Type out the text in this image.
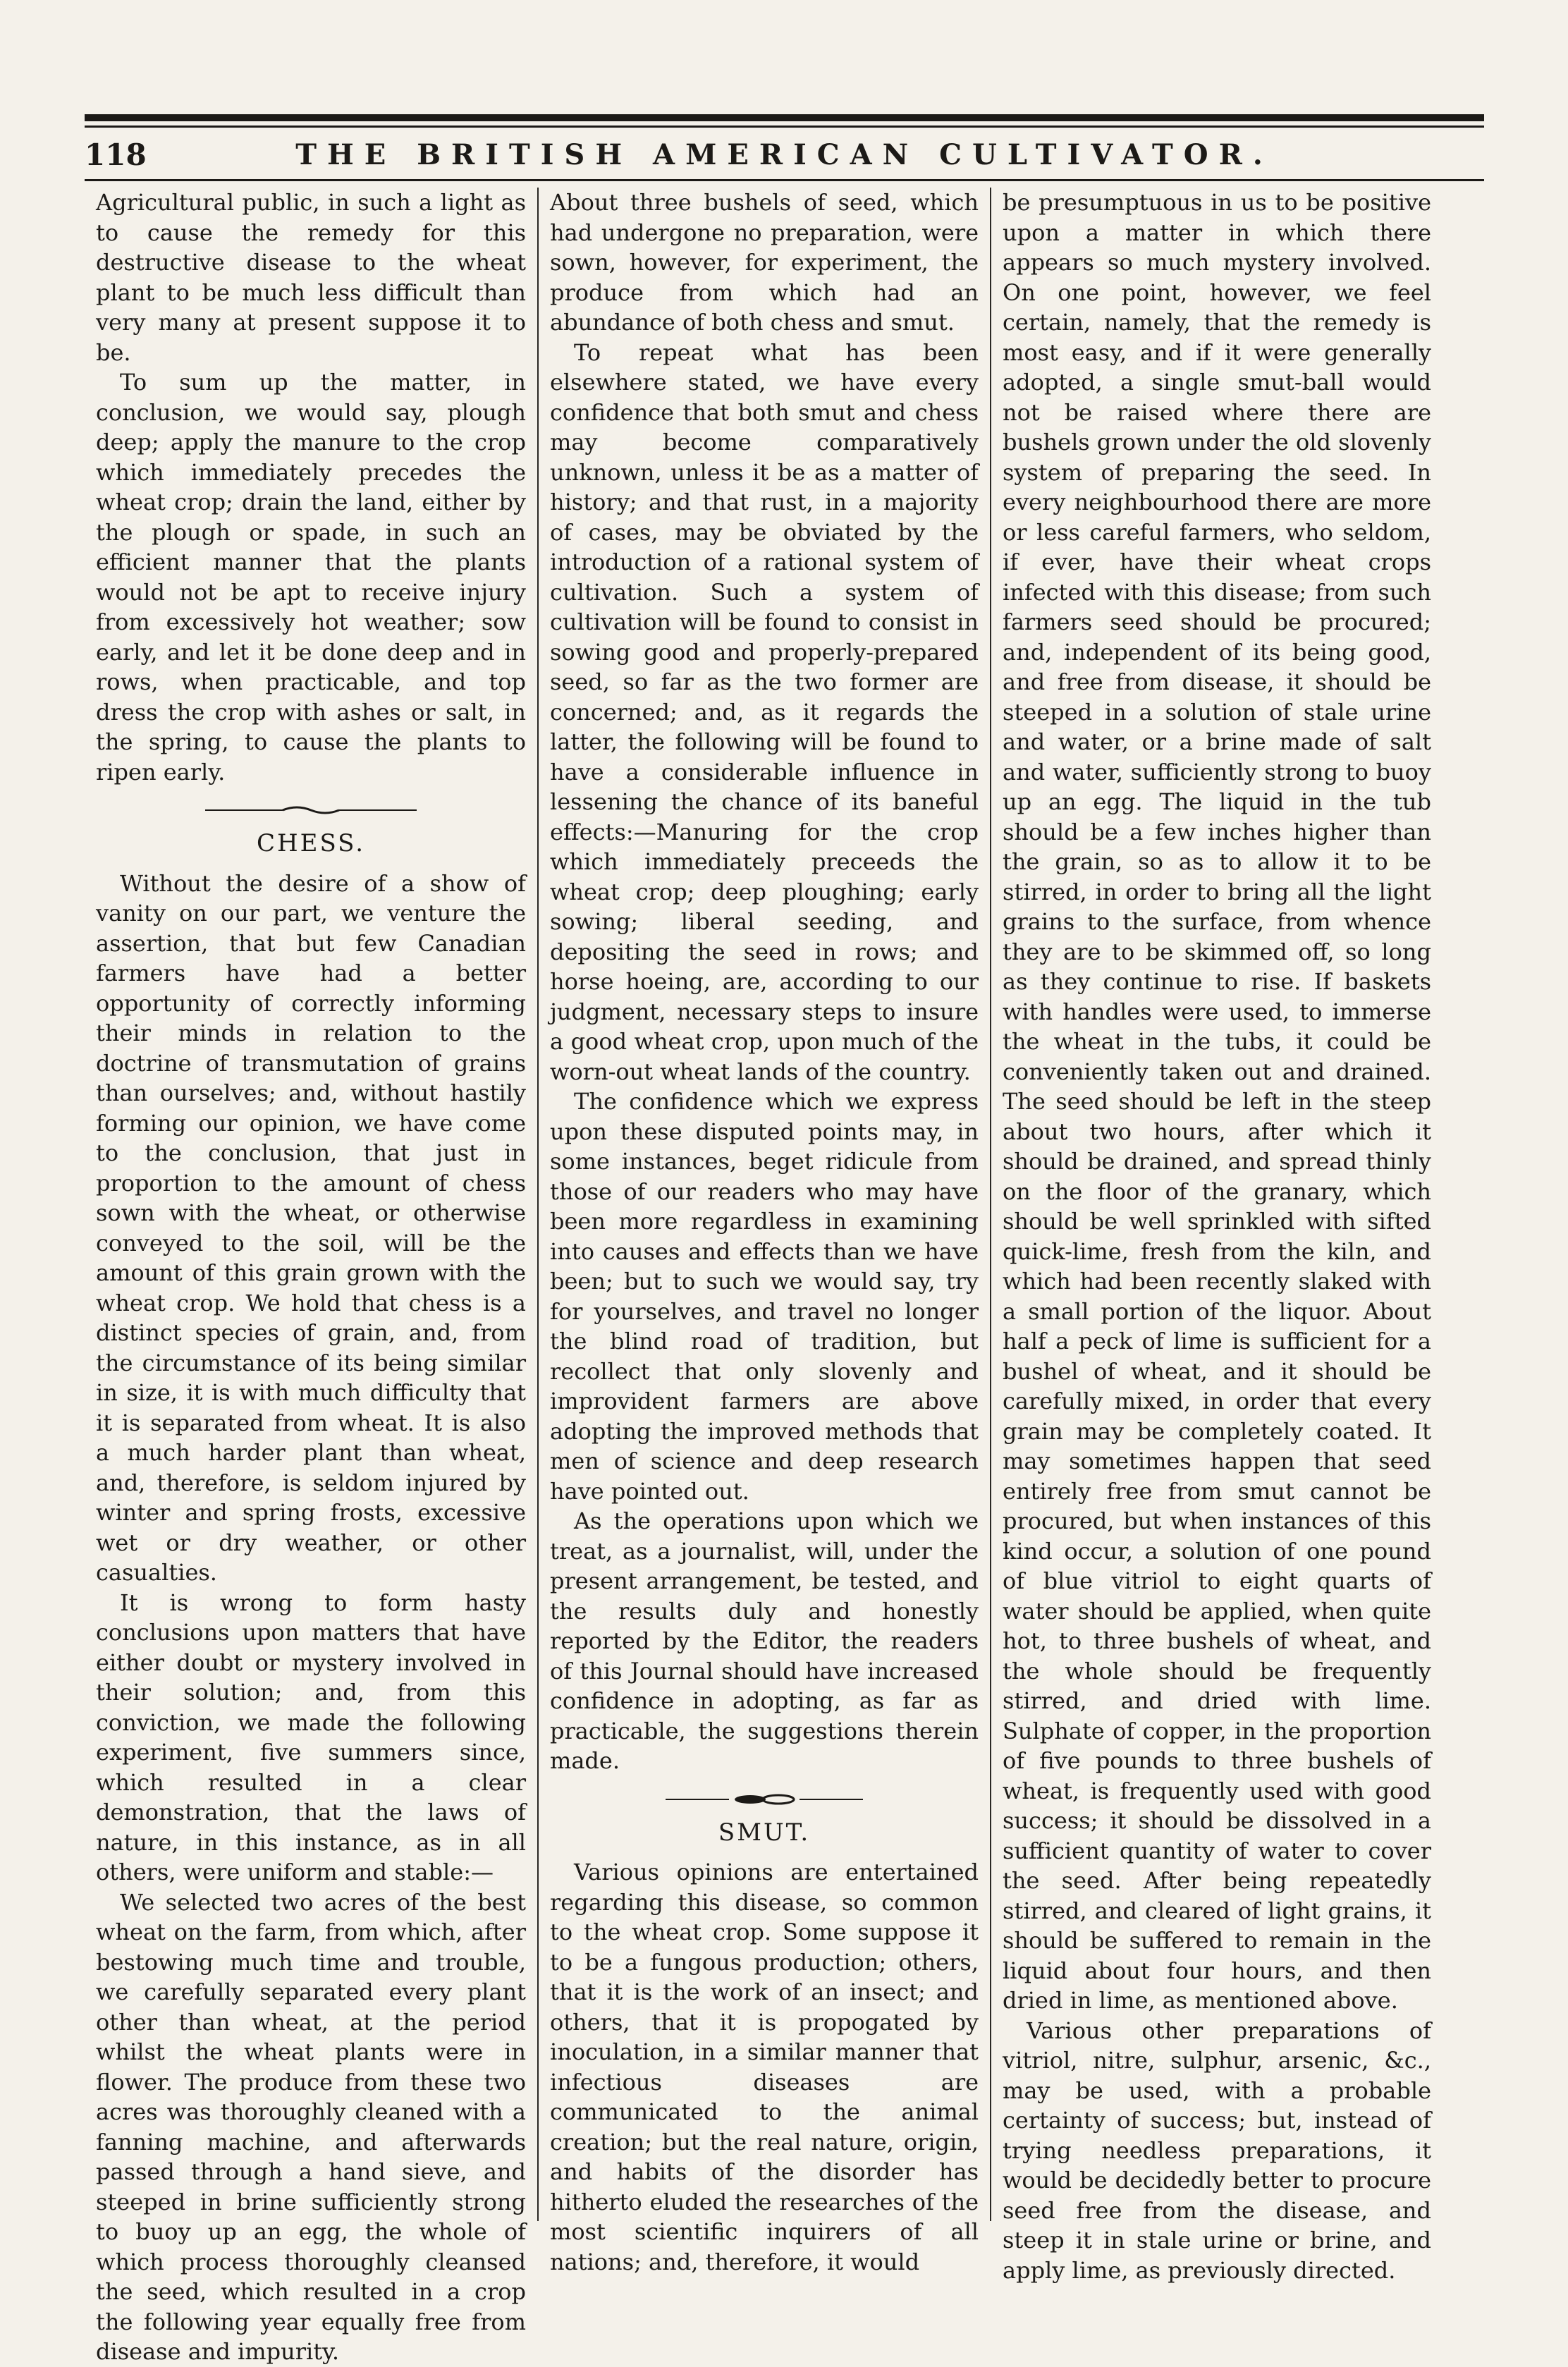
118	THE BRITISH AMERICAN CULTIVATOR.

Agricultural public, in such a light as to cause the remedy for this destructive disease to the wheat plant to be much less difficult than very many at present suppose it to be.

To sum up the matter, in conclusion, we would say, plough deep; apply the manure to the crop which immediately precedes the wheat crop; drain the land, either by the plough or spade, in such an efficient manner that the plants would not be apt to receive injury from excessively hot weather; sow early, and let it be done deep and in rows, when practicable, and top dress the crop with ashes or salt, in the spring, to cause the plants to ripen early.

CHESS.

Without the desire of a show of vanity on our part, we venture the assertion, that but few Canadian farmers have had a better opportunity of correctly informing their minds in relation to the doctrine of transmutation of grains than ourselves; and, without hastily forming our opinion, we have come to the conclusion, that just in proportion to the amount of chess sown with the wheat, or otherwise conveyed to the soil, will be the amount of this grain grown with the wheat crop. We hold that chess is a distinct species of grain, and, from the circumstance of its being similar in size, it is with much difficulty that it is separated from wheat. It is also a much harder plant than wheat, and, therefore, is seldom injured by winter and spring frosts, excessive wet or dry weather, or other casualties.

It is wrong to form hasty conclusions upon matters that have either doubt or mystery involved in their solution; and, from this conviction, we made the following experiment, five summers since, which resulted in a clear demonstration, that the laws of nature, in this instance, as in all others, were uniform and stable:—

We selected two acres of the best wheat on the farm, from which, after bestowing much time and trouble, we carefully separated every plant other than wheat, at the period whilst the wheat plants were in flower. The produce from these two acres was thoroughly cleaned with a fanning machine, and afterwards passed through a hand sieve, and steeped in brine sufficiently strong to buoy up an egg, the whole of which process thoroughly cleansed the seed, which resulted in a crop the following year equally free from disease and impurity.

About three bushels of seed, which had undergone no preparation, were sown, however, for experiment, the produce from which had an abundance of both chess and smut.

To repeat what has been elsewhere stated, we have every confidence that both smut and chess may become comparatively unknown, unless it be as a matter of history; and that rust, in a majority of cases, may be obviated by the introduction of a rational system of cultivation. Such a system of cultivation will be found to consist in sowing good and properly-prepared seed, so far as the two former are concerned; and, as it regards the latter, the following will be found to have a considerable influence in lessening the chance of its baneful effects:—Manuring for the crop which immediately preceeds the wheat crop; deep ploughing; early sowing; liberal seeding, and depositing the seed in rows; and horse hoeing, are, according to our judgment, necessary steps to insure a good wheat crop, upon much of the worn-out wheat lands of the country.

The confidence which we express upon these disputed points may, in some instances, beget ridicule from those of our readers who may have been more regardless in examining into causes and effects than we have been; but to such we would say, try for yourselves, and travel no longer the blind road of tradition, but recollect that only slovenly and improvident farmers are above adopting the improved methods that men of science and deep research have pointed out.

As the operations upon which we treat, as a journalist, will, under the present arrangement, be tested, and the results duly and honestly reported by the Editor, the readers of this Journal should have increased confidence in adopting, as far as practicable, the suggestions therein made.

SMUT.

Various opinions are entertained regarding this disease, so common to the wheat crop. Some suppose it to be a fungous production; others, that it is the work of an insect; and others, that it is propogated by inoculation, in a similar manner that infectious diseases are communicated to the animal creation; but the real nature, origin, and habits of the disorder has hitherto eluded the researches of the most scientific inquirers of all nations; and, therefore, it would

be presumptuous in us to be positive upon a matter in which there appears so much mystery involved. On one point, however, we feel certain, namely, that the remedy is most easy, and if it were generally adopted, a single smut-ball would not be raised where there are bushels grown under the old slovenly system of preparing the seed. In every neighbourhood there are more or less careful farmers, who seldom, if ever, have their wheat crops infected with this disease; from such farmers seed should be procured; and, independent of its being good, and free from disease, it should be steeped in a solution of stale urine and water, or a brine made of salt and water, sufficiently strong to buoy up an egg. The liquid in the tub should be a few inches higher than the grain, so as to allow it to be stirred, in order to bring all the light grains to the surface, from whence they are to be skimmed off, so long as they continue to rise. If baskets with handles were used, to immerse the wheat in the tubs, it could be conveniently taken out and drained. The seed should be left in the steep about two hours, after which it should be drained, and spread thinly on the floor of the granary, which should be well sprinkled with sifted quick-lime, fresh from the kiln, and which had been recently slaked with a small portion of the liquor. About half a peck of lime is sufficient for a bushel of wheat, and it should be carefully mixed, in order that every grain may be completely coated. It may sometimes happen that seed entirely free from smut cannot be procured, but when instances of this kind occur, a solution of one pound of blue vitriol to eight quarts of water should be applied, when quite hot, to three bushels of wheat, and the whole should be frequently stirred, and dried with lime. Sulphate of copper, in the proportion of five pounds to three bushels of wheat, is frequently used with good success; it should be dissolved in a sufficient quantity of water to cover the seed. After being repeatedly stirred, and cleared of light grains, it should be suffered to remain in the liquid about four hours, and then dried in lime, as mentioned above.

Various other preparations of vitriol, nitre, sulphur, arsenic, &c., may be used, with a probable certainty of success; but, instead of trying needless preparations, it would be decidedly better to procure seed free from the disease, and steep it in stale urine or brine, and apply lime, as previously directed.
